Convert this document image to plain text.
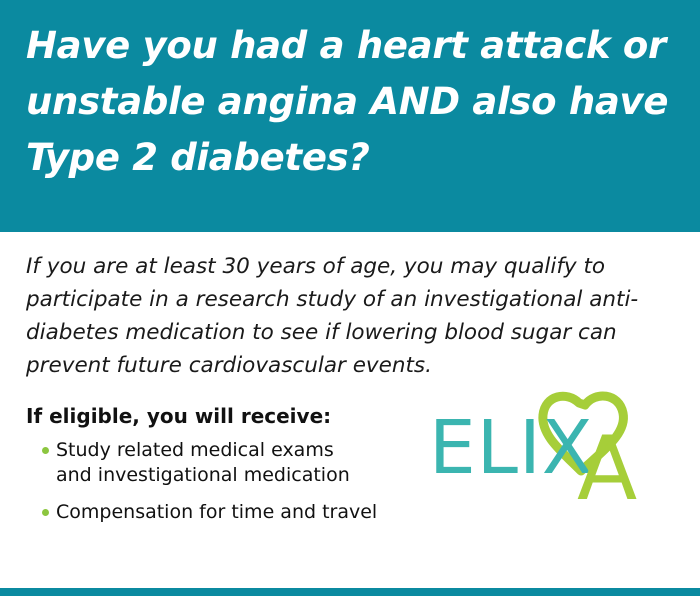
Have you had a heart attack or unstable angina AND also have Type 2 diabetes?

If you are at least 30 years of age, you may qualify to participate in a research study of an investigational anti-diabetes medication to see if lowering blood sugar can prevent future cardiovascular events.

If eligible, you will receive:

Study related medical exams
and investigational medication
Compensation for time and travel
ELIX
A
